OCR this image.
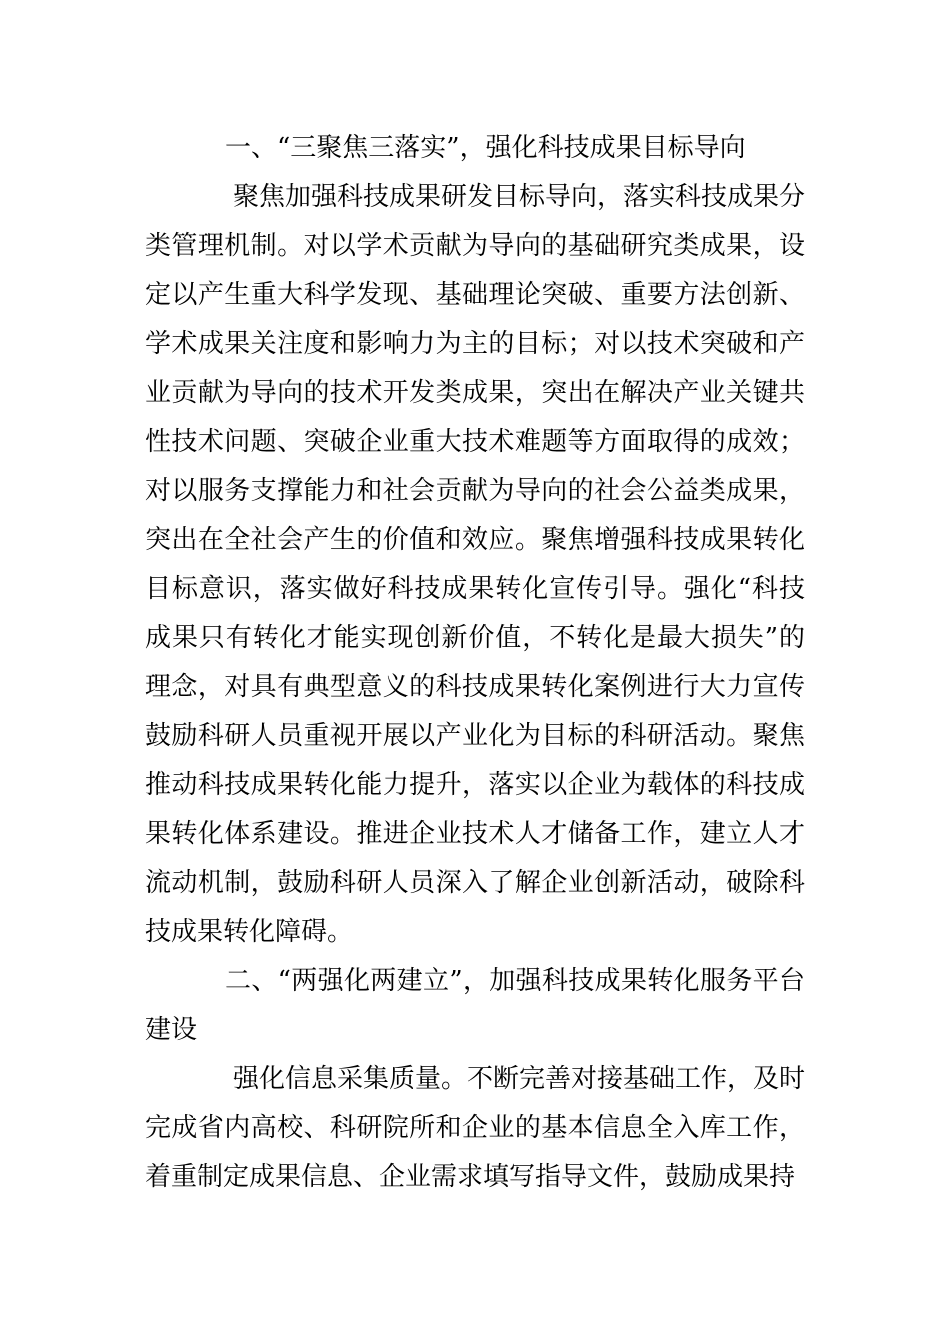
一、“三聚焦三落实”，强化科技成果目标导向

聚焦加强科技成果研发目标导向，落实科技成果分类管理机制。对以学术贡献为导向的基础研究类成果，设定以产生重大科学发现、基础理论突破、重要方法创新、学术成果关注度和影响力为主的目标；对以技术突破和产业贡献为导向的技术开发类成果，突出在解决产业关键共性技术问题、突破企业重大技术难题等方面取得的成效；对以服务支撑能力和社会贡献为导向的社会公益类成果，突出在全社会产生的价值和效应。聚焦增强科技成果转化目标意识，落实做好科技成果转化宣传引导。强化“科技成果只有转化才能实现创新价值，不转化是最大损失”的理念，对具有典型意义的科技成果转化案例进行大力宣传鼓励科研人员重视开展以产业化为目标的科研活动。聚焦推动科技成果转化能力提升，落实以企业为载体的科技成果转化体系建设。推进企业技术人才储备工作，建立人才流动机制，鼓励科研人员深入了解企业创新活动，破除科技成果转化障碍。

二、“两强化两建立”，加强科技成果转化服务平台建设

强化信息采集质量。不断完善对接基础工作，及时完成省内高校、科研院所和企业的基本信息全入库工作，着重制定成果信息、企业需求填写指导文件，鼓励成果持
